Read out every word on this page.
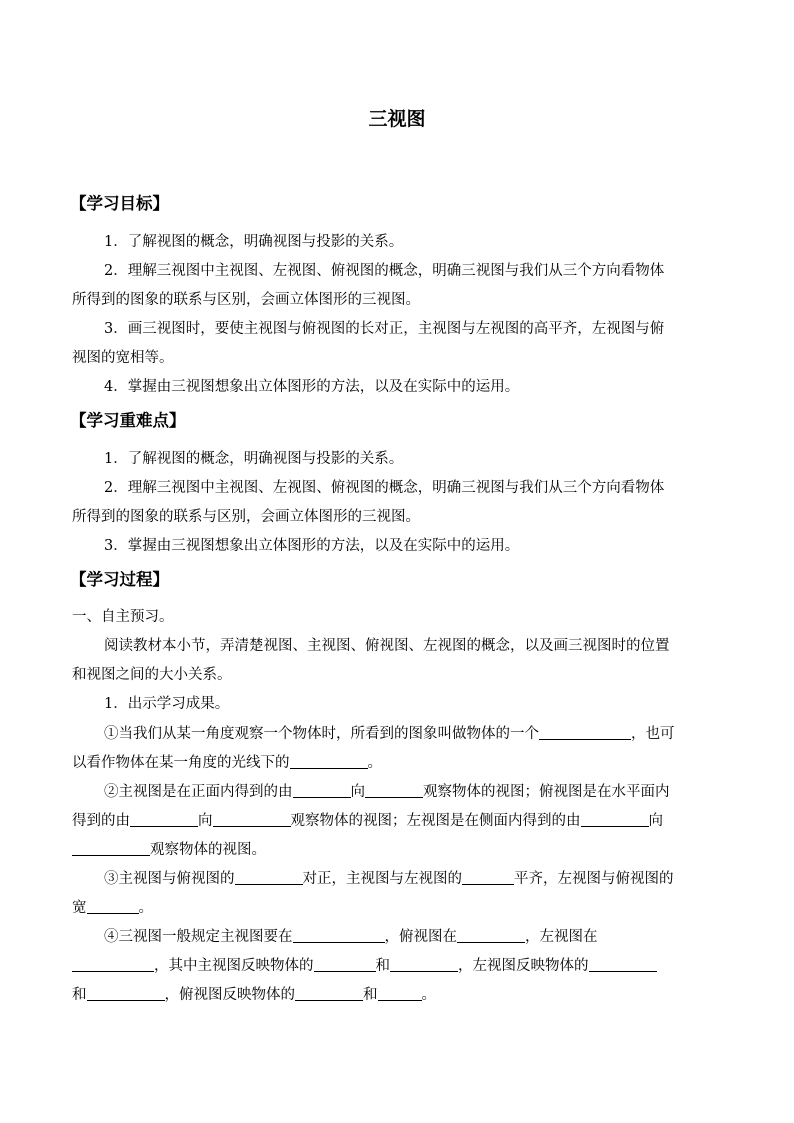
三视图
【学习目标】
1．了解视图的概念，明确视图与投影的关系。
2．理解三视图中主视图、左视图、俯视图的概念，明确三视图与我们从三个方向看物体
所得到的图象的联系与区别，会画立体图形的三视图。
3．画三视图时，要使主视图与俯视图的长对正，主视图与左视图的高平齐，左视图与俯
视图的宽相等。
4．掌握由三视图想象出立体图形的方法，以及在实际中的运用。
【学习重难点】
1．了解视图的概念，明确视图与投影的关系。
2．理解三视图中主视图、左视图、俯视图的概念，明确三视图与我们从三个方向看物体
所得到的图象的联系与区别，会画立体图形的三视图。
3．掌握由三视图想象出立体图形的方法，以及在实际中的运用。
【学习过程】
一、自主预习。
阅读教材本小节，弄清楚视图、主视图、俯视图、左视图的概念，以及画三视图时的位置
和视图之间的大小关系。
1．出示学习成果。
①当我们从某一角度观察一个物体时，所看到的图象叫做物体的一个	，也可
以看作物体在某一角度的光线下的	。
②主视图是在正面内得到的由	向	观察物体的视图；俯视图是在水平面内
得到的由	向	观察物体的视图；左视图是在侧面内得到的由	向
观察物体的视图。
③主视图与俯视图的	对正，主视图与左视图的	平齐，左视图与俯视图的
宽	。
④三视图一般规定主视图要在	，俯视图在	，左视图在
，其中主视图反映物体的	和	，左视图反映物体的
和	，俯视图反映物体的	和	。
